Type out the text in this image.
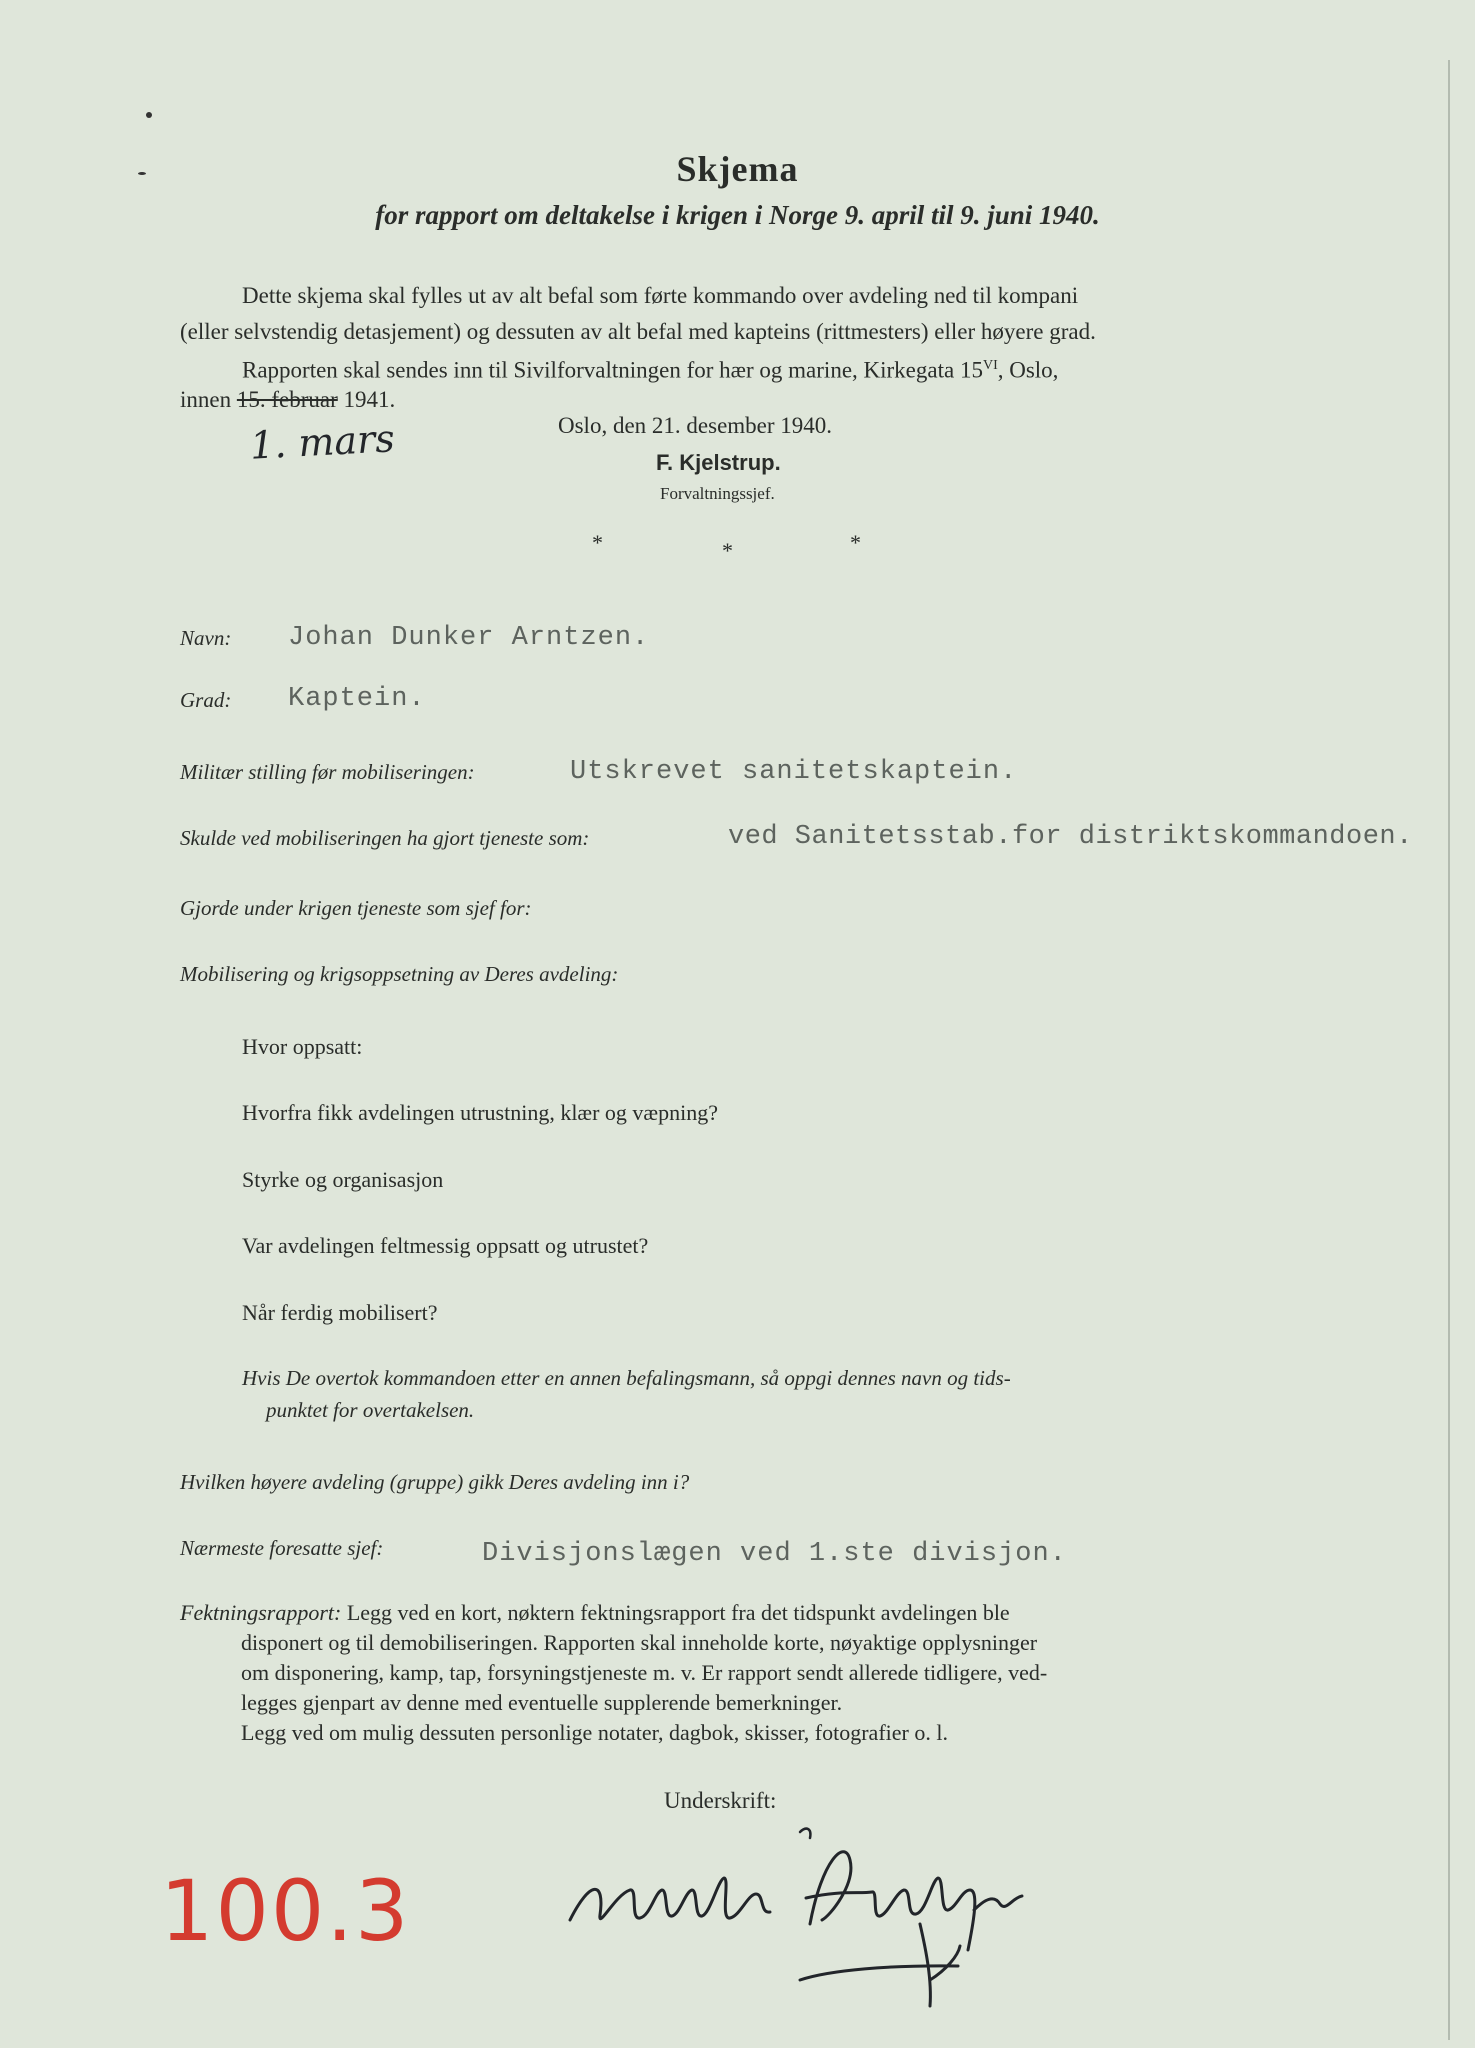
Skjema
for rapport om deltakelse i krigen i Norge 9. april til 9. juni 1940.
Dette skjema skal fylles ut av alt befal som førte kommando over avdeling ned til kompani
(eller selvstendig detasjement) og dessuten av alt befal med kapteins (rittmesters) eller høyere grad.
Rapporten skal sendes inn til Sivilforvaltningen for hær og marine, Kirkegata $15^{VI}$, Oslo,
innen 15. februar 1941.
1. mars	Oslo, den 21. desember 1940.
F. Kjelstrup.
Forvaltningssjef.
*	*	*
Navn: Johan Dunker Arntzen.
Grad: Kaptein.
Militær stilling før mobiliseringen:	Utskrevet sanitetskaptein.
Skulde ved mobiliseringen ha gjort tjeneste som:	ved Sanitetsstab.for distriktskommandoen.
Gjorde under krigen tjeneste som sjef for:
Mobilisering og krigsoppsetning av Deres avdeling:
Hvor oppsatt:
Hvorfra fikk avdelingen utrustning, klær og væpning?
Styrke og organisasjon
Var avdelingen feltmessig oppsatt og utrustet?
Når ferdig mobilisert?
Hvis De overtok kommandoen etter en annen befalingsmann, så oppgi dennes navn og tids-
punktet for overtakelsen.
Hvilken høyere avdeling (gruppe) gikk Deres avdeling inn i?
Nærmeste foresatte sjef:	Divisjonslægen ved 1.ste divisjon.
Fektningsrapport: Legg ved en kort, nøktern fektningsrapport fra det tidspunkt avdelingen ble
disponert og til demobiliseringen. Rapporten skal inneholde korte, nøyaktige opplysninger
om disponering, kamp, tap, forsyningstjeneste m. v. Er rapport sendt allerede tidligere, ved-
legges gjenpart av denne med eventuelle supplerende bemerkninger.
Legg ved om mulig dessuten personlige notater, dagbok, skisser, fotografier o. l.
Underskrift:
100.3
